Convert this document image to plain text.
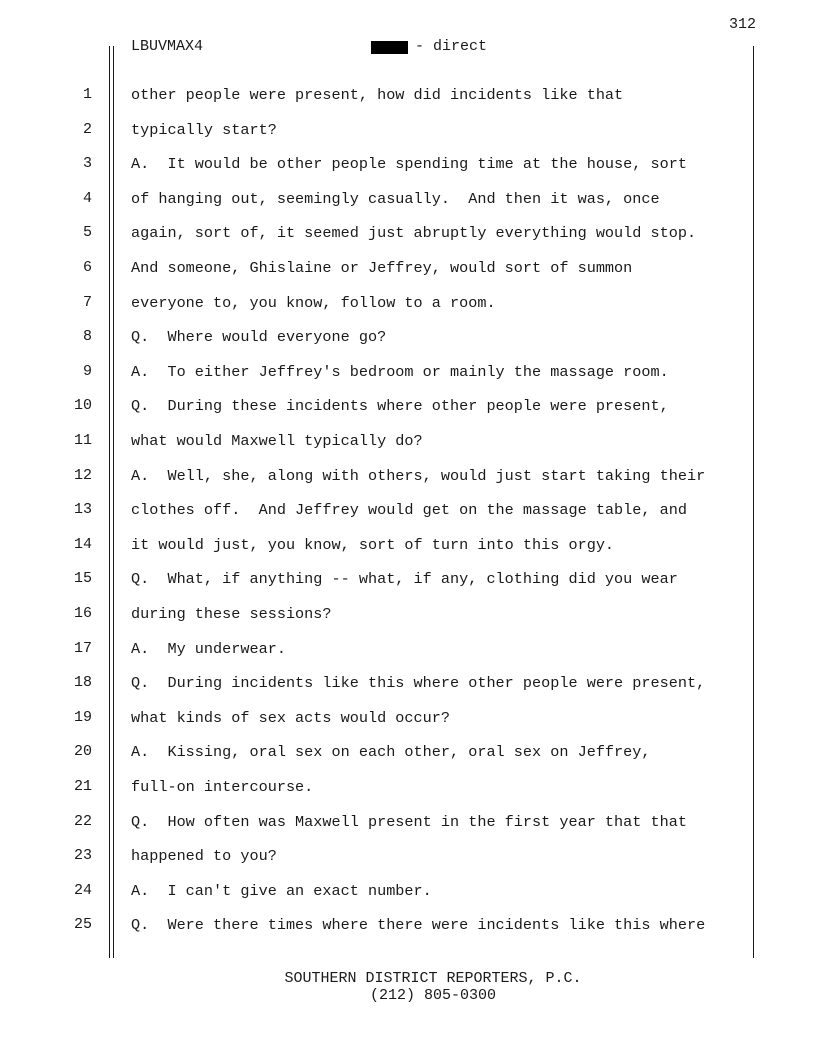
312
LBUVMAX4	- direct
1	other people were present, how did incidents like that
2	typically start?
3	A.  It would be other people spending time at the house, sort
4	of hanging out, seemingly casually.  And then it was, once
5	again, sort of, it seemed just abruptly everything would stop.
6	And someone, Ghislaine or Jeffrey, would sort of summon
7	everyone to, you know, follow to a room.
8	Q.  Where would everyone go?
9	A.  To either Jeffrey's bedroom or mainly the massage room.
10	Q.  During these incidents where other people were present,
11	what would Maxwell typically do?
12	A.  Well, she, along with others, would just start taking their
13	clothes off.  And Jeffrey would get on the massage table, and
14	it would just, you know, sort of turn into this orgy.
15	Q.  What, if anything -- what, if any, clothing did you wear
16	during these sessions?
17	A.  My underwear.
18	Q.  During incidents like this where other people were present,
19	what kinds of sex acts would occur?
20	A.  Kissing, oral sex on each other, oral sex on Jeffrey,
21	full-on intercourse.
22	Q.  How often was Maxwell present in the first year that that
23	happened to you?
24	A.  I can't give an exact number.
25	Q.  Were there times where there were incidents like this where
SOUTHERN DISTRICT REPORTERS, P.C.
(212) 805-0300
